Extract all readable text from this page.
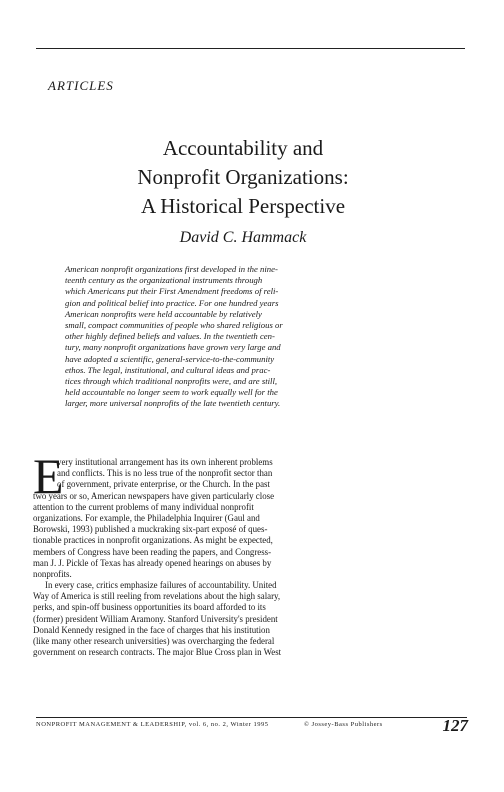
ARTICLES
Accountability and
Nonprofit Organizations:
A Historical Perspective
David C. Hammack
American nonprofit organizations first developed in the nine-
teenth century as the organizational instruments through
which Americans put their First Amendment freedoms of reli-
gion and political belief into practice. For one hundred years
American nonprofits were held accountable by relatively
small, compact communities of people who shared religious or
other highly defined beliefs and values. In the twentieth cen-
tury, many nonprofit organizations have grown very large and
have adopted a scientific, general-service-to-the-community
ethos. The legal, institutional, and cultural ideas and prac-
tices through which traditional nonprofits were, and are still,
held accountable no longer seem to work equally well for the
larger, more universal nonprofits of the late twentieth century.
E
very institutional arrangement has its own inherent problems
and conflicts. This is no less true of the nonprofit sector than
of government, private enterprise, or the Church. In the past
two years or so, American newspapers have given particularly close
attention to the current problems of many individual nonprofit
organizations. For example, the Philadelphia Inquirer (Gaul and
Borowski, 1993) published a muckraking six-part exposé of ques-
tionable practices in nonprofit organizations. As might be expected,
members of Congress have been reading the papers, and Congress-
man J. J. Pickle of Texas has already opened hearings on abuses by
nonprofits.
In every case, critics emphasize failures of accountability. United
Way of America is still reeling from revelations about the high salary,
perks, and spin-off business opportunities its board afforded to its
(former) president William Aramony. Stanford University's president
Donald Kennedy resigned in the face of charges that his institution
(like many other research universities) was overcharging the federal
government on research contracts. The major Blue Cross plan in West
NONPROFIT MANAGEMENT & LEADERSHIP, vol. 6, no. 2, Winter 1995	© Jossey-Bass Publishers	127
